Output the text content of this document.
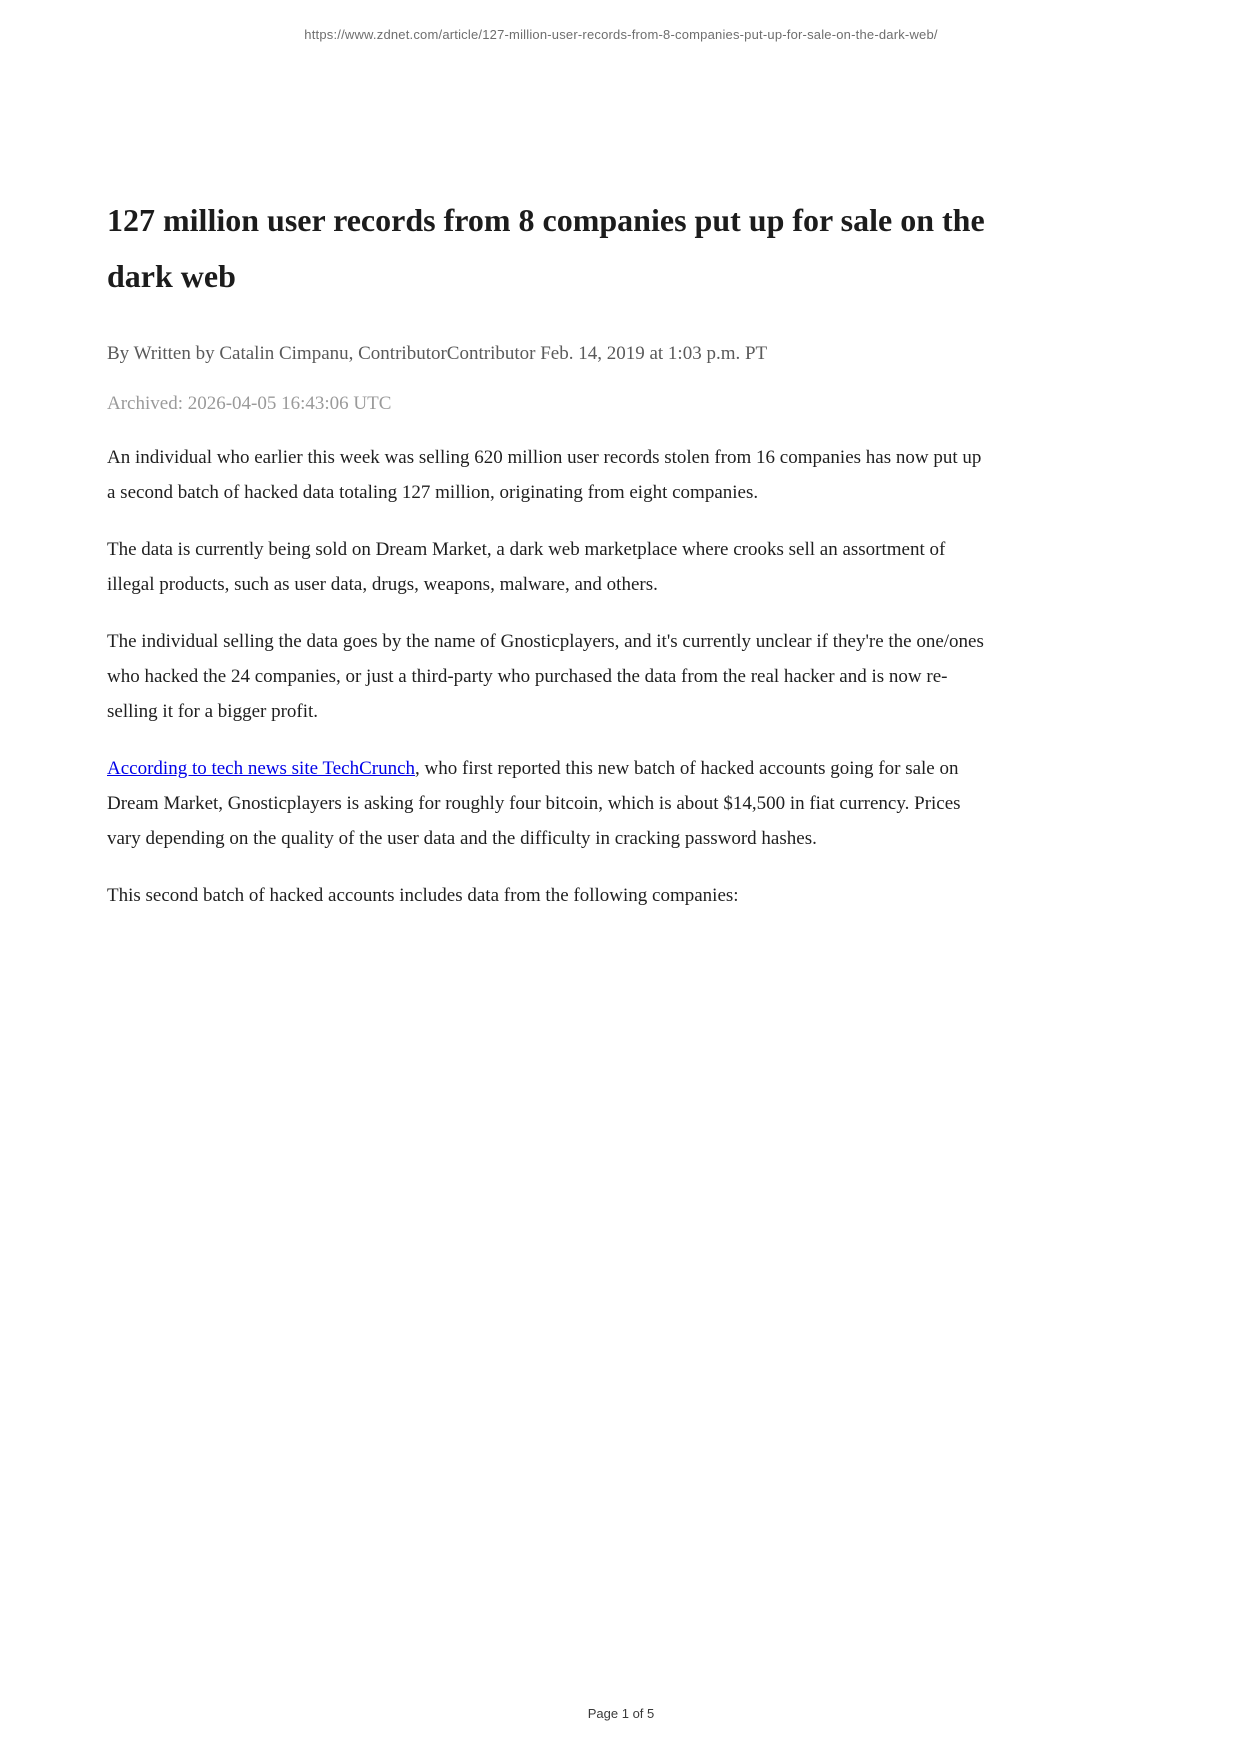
https://www.zdnet.com/article/127-million-user-records-from-8-companies-put-up-for-sale-on-the-dark-web/
127 million user records from 8 companies put up for sale on the dark web
By Written by Catalin Cimpanu, ContributorContributor Feb. 14, 2019 at 1:03 p.m. PT
Archived: 2026-04-05 16:43:06 UTC

An individual who earlier this week was selling 620 million user records stolen from 16 companies has now put up a second batch of hacked data totaling 127 million, originating from eight companies.

The data is currently being sold on Dream Market, a dark web marketplace where crooks sell an assortment of illegal products, such as user data, drugs, weapons, malware, and others.

The individual selling the data goes by the name of Gnosticplayers, and it's currently unclear if they're the one/ones who hacked the 24 companies, or just a third-party who purchased the data from the real hacker and is now re-selling it for a bigger profit.

According to tech news site TechCrunch, who first reported this new batch of hacked accounts going for sale on Dream Market, Gnosticplayers is asking for roughly four bitcoin, which is about $14,500 in fiat currency. Prices vary depending on the quality of the user data and the difficulty in cracking password hashes.

This second batch of hacked accounts includes data from the following companies:

Page 1 of 5
